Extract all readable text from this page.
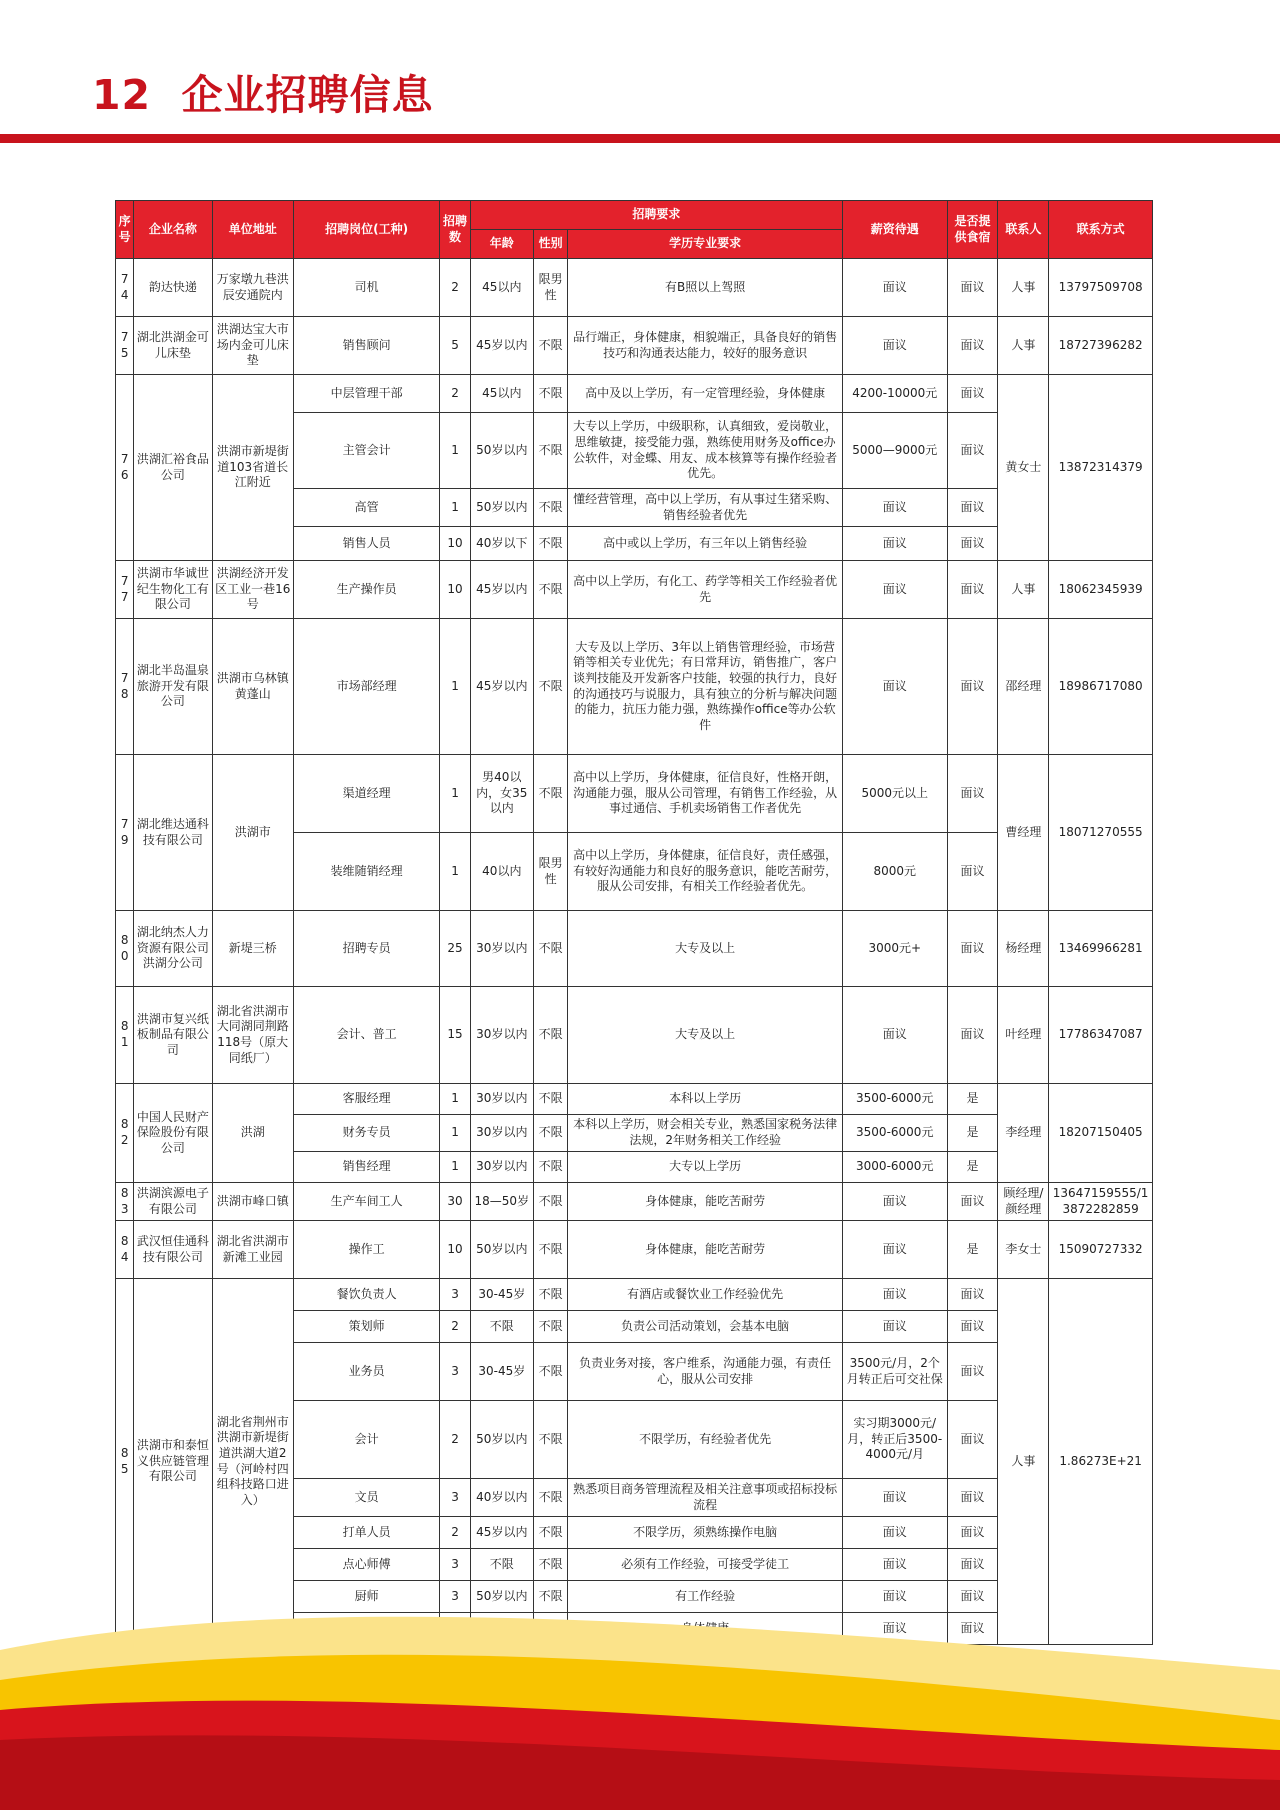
12 企业招聘信息
序号	企业名称	单位地址	招聘岗位(工种)	招聘数	招聘要求			薪资待遇	是否提供食宿	联系人	联系方式
					年龄	性别	学历专业要求				
74	韵达快递	万家墩九巷洪辰安通院内	司机	2	45以内	限男性	有B照以上驾照	面议	面议	人事	13797509708
75	湖北洪湖金可儿床垫	洪湖达宝大市场内金可儿床垫	销售顾问	5	45岁以内	不限	品行端正，身体健康，相貌端正，具备良好的销售技巧和沟通表达能力，较好的服务意识	面议	面议	人事	18727396282
76	洪湖汇裕食品公司	洪湖市新堤街道103省道长江附近	中层管理干部	2	45以内	不限	高中及以上学历，有一定管理经验，身体健康	4200-10000元	面议	黄女士	13872314379
			主管会计	1	50岁以内	不限	大专以上学历，中级职称，认真细致，爱岗敬业，思维敏捷，接受能力强，熟练使用财务及office办公软件，对金蝶、用友、成本核算等有操作经验者优先。	5000—9000元	面议		
			高管	1	50岁以内	不限	懂经营管理，高中以上学历，有从事过生猪采购、销售经验者优先	面议	面议		
			销售人员	10	40岁以下	不限	高中或以上学历，有三年以上销售经验	面议	面议		
77	洪湖市华诚世纪生物化工有限公司	洪湖经济开发区工业一巷16号	生产操作员	10	45岁以内	不限	高中以上学历，有化工、药学等相关工作经验者优先	面议	面议	人事	18062345939
78	湖北半岛温泉旅游开发有限公司	洪湖市乌林镇黄蓬山	市场部经理	1	45岁以内	不限	大专及以上学历、3年以上销售管理经验，市场营销等相关专业优先；有日常拜访，销售推广，客户谈判技能及开发新客户技能，较强的执行力，良好的沟通技巧与说服力，具有独立的分析与解决问题的能力，抗压力能力强，熟练操作office等办公软件	面议	面议	邵经理	18986717080
79	湖北维达通科技有限公司	洪湖市	渠道经理	1	男40以内，女35以内	不限	高中以上学历，身体健康，征信良好，性格开朗，沟通能力强，服从公司管理，有销售工作经验，从事过通信、手机卖场销售工作者优先	5000元以上	面议	曹经理	18071270555
			装维随销经理	1	40以内	限男性	高中以上学历，身体健康，征信良好，责任感强，有较好沟通能力和良好的服务意识，能吃苦耐劳，服从公司安排，有相关工作经验者优先。	8000元	面议		
80	湖北纳杰人力资源有限公司洪湖分公司	新堤三桥	招聘专员	25	30岁以内	不限	大专及以上	3000元+	面议	杨经理	13469966281
81	洪湖市复兴纸板制品有限公司	湖北省洪湖市大同湖同荆路118号（原大同纸厂）	会计、普工	15	30岁以内	不限	大专及以上	面议	面议	叶经理	17786347087
82	中国人民财产保险股份有限公司	洪湖	客服经理	1	30岁以内	不限	本科以上学历	3500-6000元	是	李经理	18207150405
			财务专员	1	30岁以内	不限	本科以上学历，财会相关专业，熟悉国家税务法律法规，2年财务相关工作经验	3500-6000元	是		
			销售经理	1	30岁以内	不限	大专以上学历	3000-6000元	是		
83	洪湖滨源电子有限公司	洪湖市峰口镇	生产车间工人	30	18—50岁	不限	身体健康，能吃苦耐劳	面议	面议	顾经理/颜经理	13647159555/13872282859
84	武汉恒佳通科技有限公司	湖北省洪湖市新滩工业园	操作工	10	50岁以内	不限	身体健康，能吃苦耐劳	面议	是	李女士	15090727332
85	洪湖市和泰恒义供应链管理有限公司	湖北省荆州市洪湖市新堤街道洪湖大道2号（河岭村四组科技路口进入）	餐饮负责人	3	30-45岁	不限	有酒店或餐饮业工作经验优先	面议	面议	人事	1.86273E+21
			策划师	2	不限	不限	负责公司活动策划，会基本电脑	面议	面议		
			业务员	3	30-45岁	不限	负责业务对接，客户维系，沟通能力强，有责任心，服从公司安排	3500元/月，2个月转正后可交社保	面议		
			会计	2	50岁以内	不限	不限学历，有经验者优先	实习期3000元/月，转正后3500-4000元/月	面议		
			文员	3	40岁以内	不限	熟悉项目商务管理流程及相关注意事项或招标投标流程	面议	面议		
			打单人员	2	45岁以内	不限	不限学历，须熟练操作电脑	面议	面议		
			点心师傅	3	不限	不限	必须有工作经验，可接受学徒工	面议	面议		
			厨师	3	50岁以内	不限	有工作经验	面议	面议		
					面议	面议		
